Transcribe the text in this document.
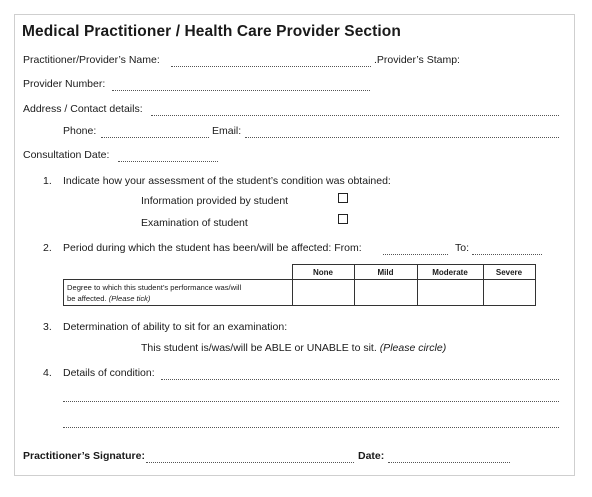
Medical Practitioner / Health Care Provider Section
Practitioner/Provider’s Name:	.Provider’s Stamp:
Provider Number:
Address / Contact details:
Phone:	Email:
Consultation Date:
1. Indicate how your assessment of the student’s condition was obtained:
Information provided by student
Examination of student
2. Period during which the student has been/will be affected: From:	To:
	None	Mild	Moderate	Severe
Degree to which this student’s performance was/will
be affected. (Please tick)				
3. Determination of ability to sit for an examination:
This student is/was/will be ABLE or UNABLE to sit. (Please circle)
4. Details of condition:
Practitioner’s Signature:	Date:
